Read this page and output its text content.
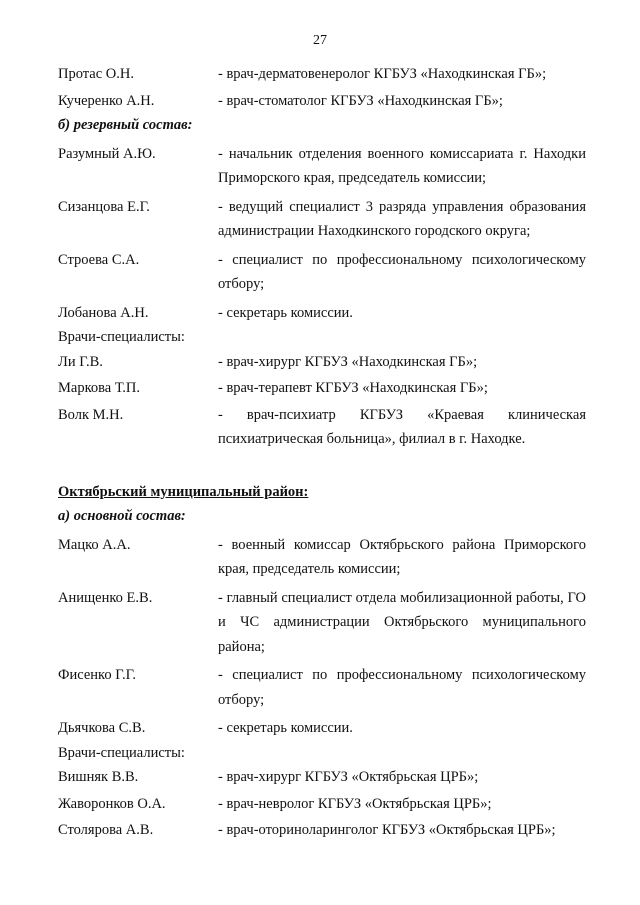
27
Протас О.Н.	- врач-дерматовенеролог КГБУЗ «Находкинская ГБ»;
Кучеренко А.Н.	- врач-стоматолог КГБУЗ «Находкинская ГБ»;
б) резервный состав:
Разумный А.Ю.	- начальник отделения военного комиссариата г. Находки Приморского края, председатель комиссии;
Сизанцова Е.Г.	- ведущий специалист 3 разряда управления образования администрации Находкинского городского округа;
Строева С.А.	- специалист по профессиональному психологическому отбору;
Лобанова А.Н.	- секретарь комиссии.
Врачи-специалисты:
Ли Г.В.	- врач-хирург КГБУЗ «Находкинская ГБ»;
Маркова Т.П.	- врач-терапевт КГБУЗ «Находкинская ГБ»;
Волк М.Н.	- врач-психиатр КГБУЗ «Краевая клиническая психиатрическая больница», филиал в г. Находке.
Октябрьский муниципальный район:
а) основной состав:
Мацко А.А.	- военный комиссар Октябрьского района Приморского края, председатель комиссии;
Анищенко Е.В.	- главный специалист отдела мобилизационной работы, ГО и ЧС администрации Октябрьского муниципального района;
Фисенко Г.Г.	- специалист по профессиональному психологическому отбору;
Дьячкова С.В.	- секретарь комиссии.
Врачи-специалисты:
Вишняк В.В.	- врач-хирург КГБУЗ «Октябрьская ЦРБ»;
Жаворонков О.А.	- врач-невролог КГБУЗ «Октябрьская ЦРБ»;
Столярова А.В.	- врач-оториноларинголог КГБУЗ «Октябрьская ЦРБ»;
